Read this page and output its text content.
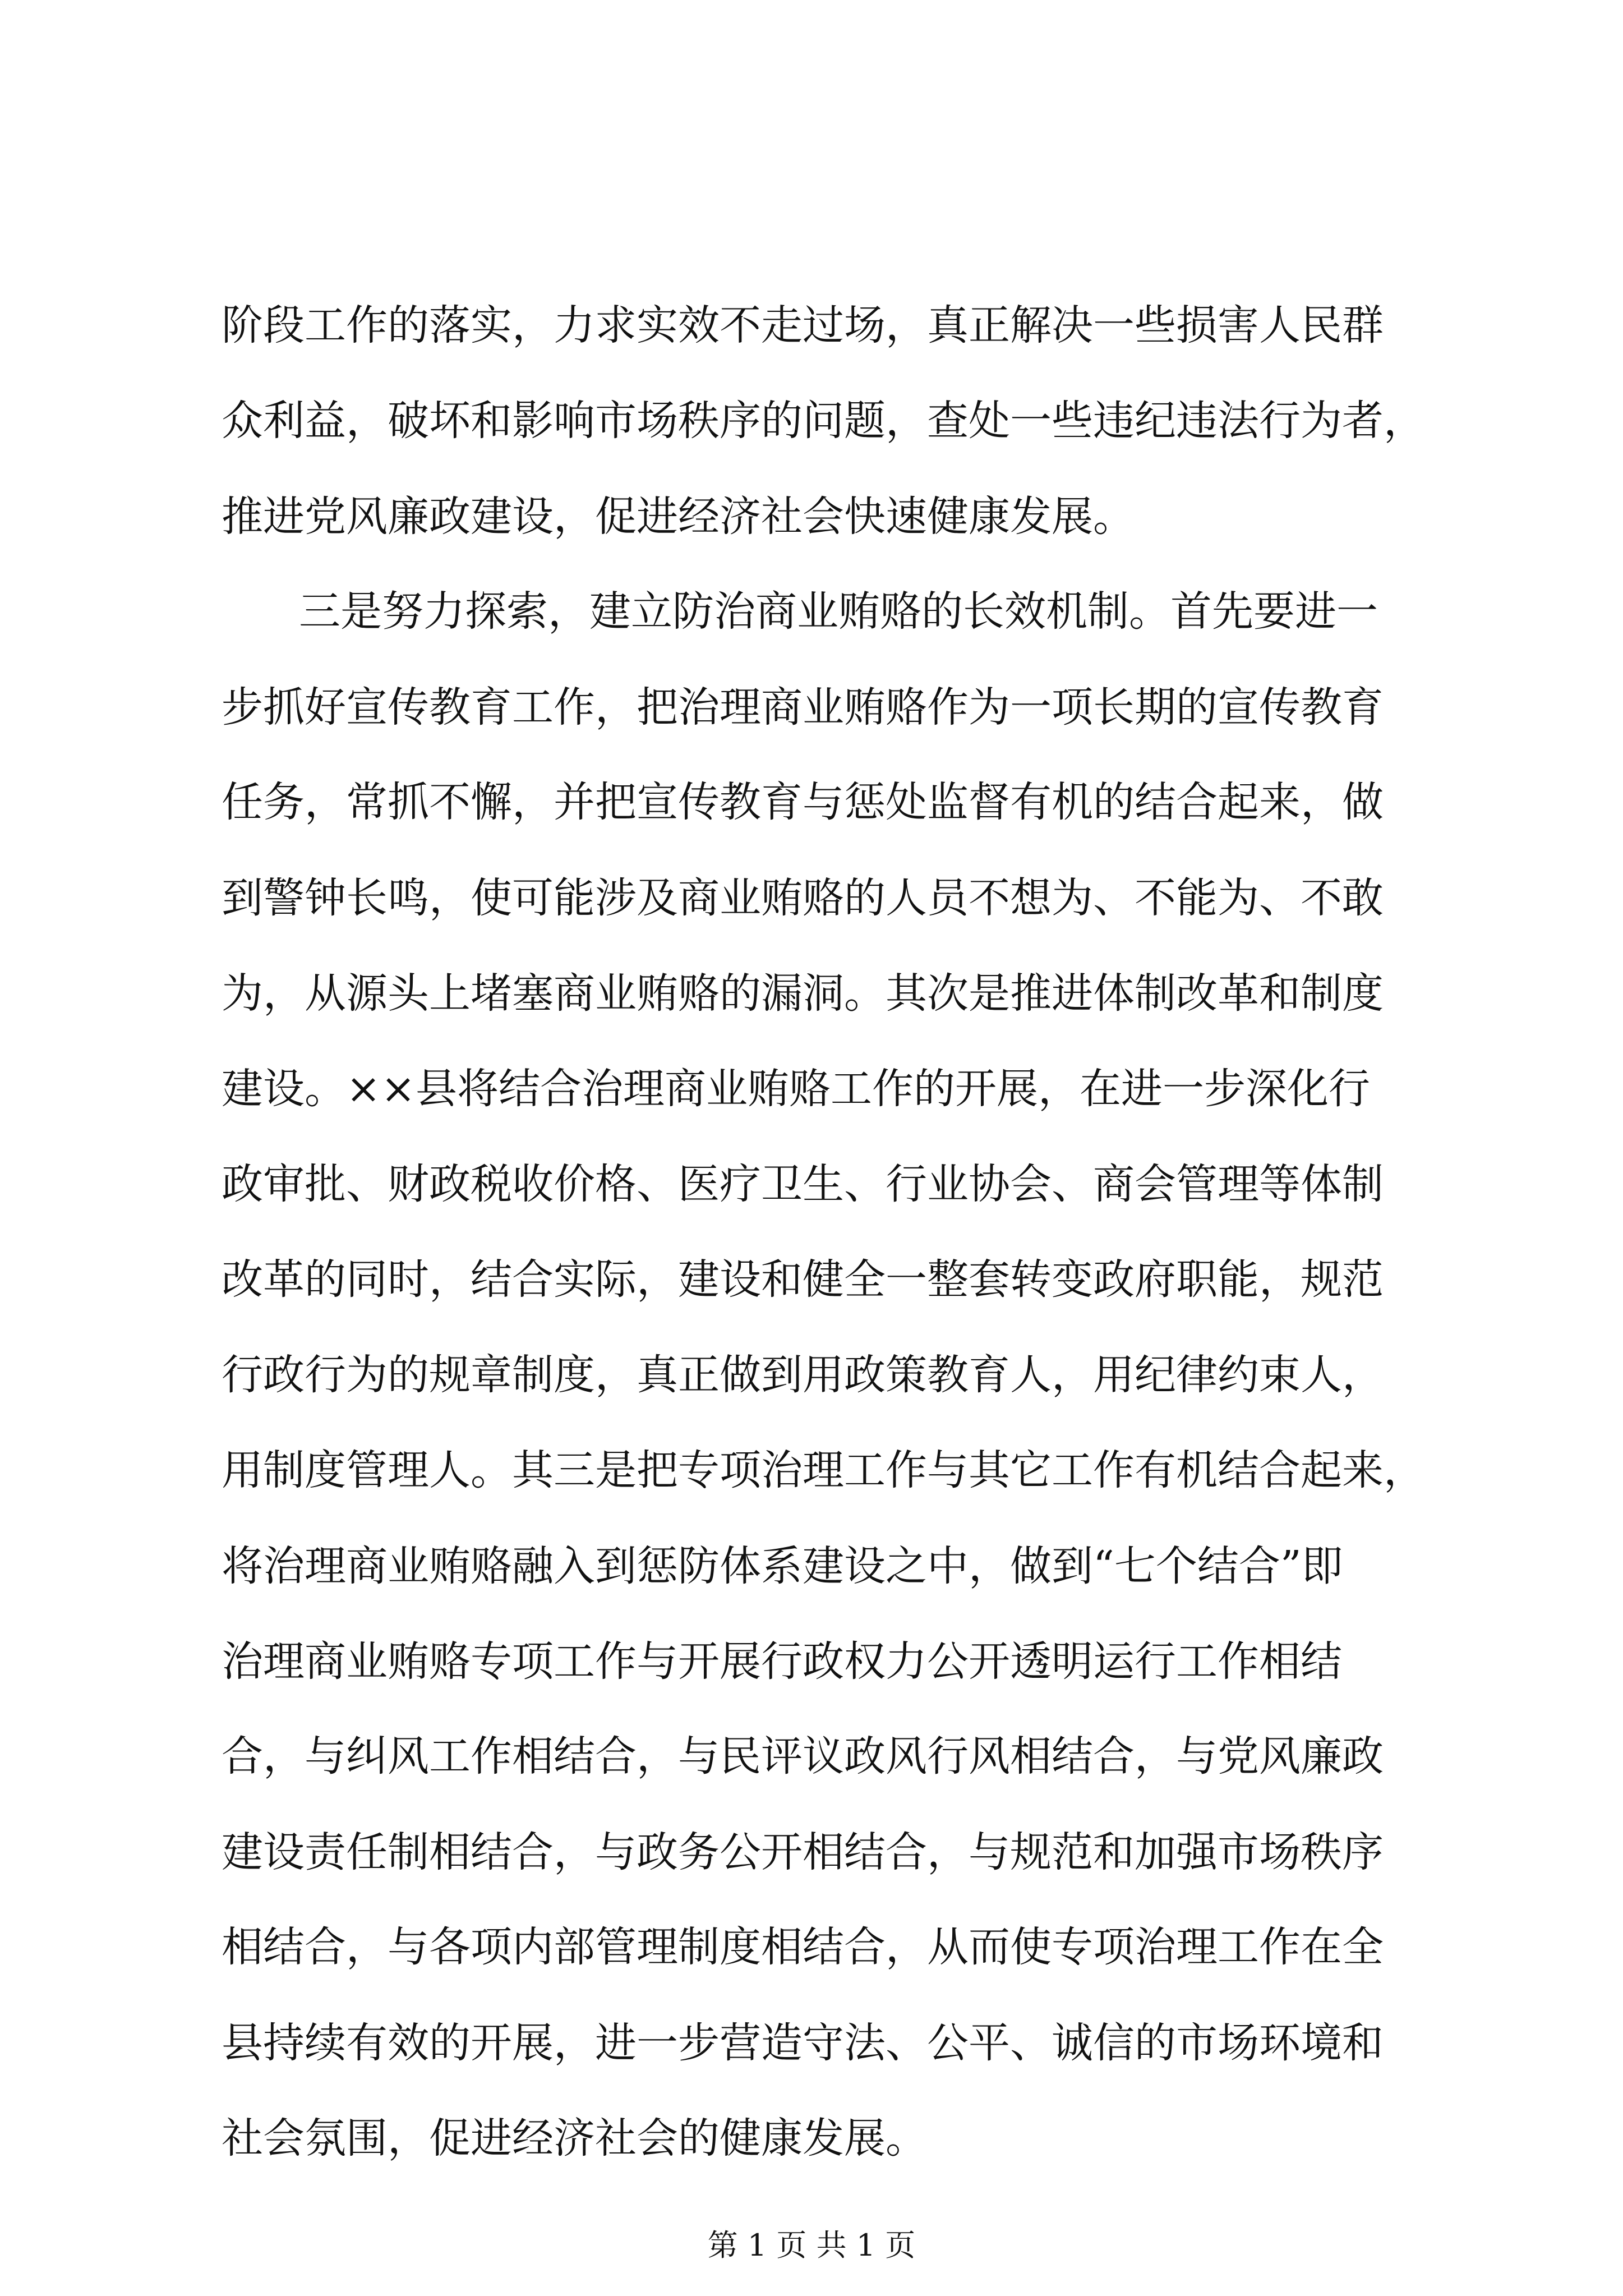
阶段工作的落实，力求实效不走过场，真正解决一些损害人民群
众利益，破坏和影响市场秩序的问题，查处一些违纪违法行为者，
推进党风廉政建设，促进经济社会快速健康发展。
三是努力探索，建立防治商业贿赂的长效机制。首先要进一
步抓好宣传教育工作，把治理商业贿赂作为一项长期的宣传教育
任务，常抓不懈，并把宣传教育与惩处监督有机的结合起来，做
到警钟长鸣，使可能涉及商业贿赂的人员不想为、不能为、不敢
为，从源头上堵塞商业贿赂的漏洞。其次是推进体制改革和制度
建设。××县将结合治理商业贿赂工作的开展，在进一步深化行
政审批、财政税收价格、医疗卫生、行业协会、商会管理等体制
改革的同时，结合实际，建设和健全一整套转变政府职能，规范
行政行为的规章制度，真正做到用政策教育人，用纪律约束人，
用制度管理人。其三是把专项治理工作与其它工作有机结合起来，
将治理商业贿赂融入到惩防体系建设之中，做到“七个结合”即
治理商业贿赂专项工作与开展行政权力公开透明运行工作相结
合，与纠风工作相结合，与民评议政风行风相结合，与党风廉政
建设责任制相结合，与政务公开相结合，与规范和加强市场秩序
相结合，与各项内部管理制度相结合，从而使专项治理工作在全
县持续有效的开展，进一步营造守法、公平、诚信的市场环境和
社会氛围，促进经济社会的健康发展。
第 1 页 共 1 页
